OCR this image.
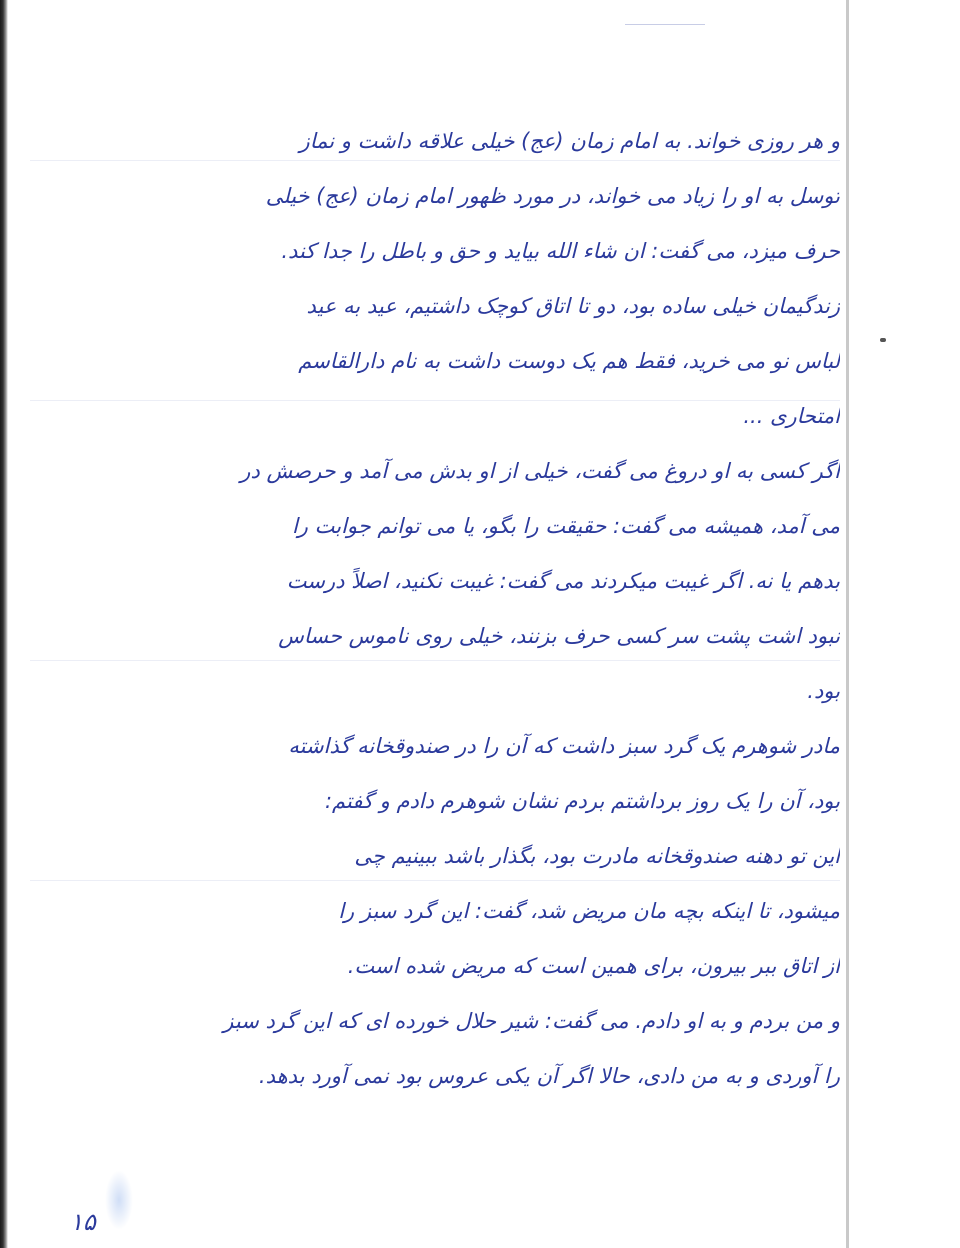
و هر روزی خواند. به امام زمان (عج) خیلی علاقه داشت و نماز
توسل به او را زیاد می خواند، در مورد ظهور امام زمان (عج) خیلی
حرف میزد، می گفت: ان شاء الله بیاید و حق و باطل را جدا کند.
زندگیمان خیلی ساده بود، دو تا اتاق کوچک داشتیم، عید به عید
لباس نو می خرید، فقط هم یک دوست داشت به نام دارالقاسم
امتحاری ...
اگر کسی به او دروغ می گفت، خیلی از او بدش می آمد و حرصش در
می آمد، همیشه می گفت: حقیقت را بگو، یا می توانم جوابت را
بدهم یا نه. اگر غیبت میکردند می گفت: غیبت نکنید، اصلاً درست
نبود اشت پشت سر کسی حرف بزنند، خیلی روی ناموس حساس
بود.
مادر شوهرم یک گرد سبز داشت که آن را در صندوقخانه گذاشته
بود، آن را یک روز برداشتم بردم نشان شوهرم دادم و گفتم:
این تو دهنه صندوقخانه مادرت بود، بگذار باشد ببینیم چی
میشود، تا اینکه بچه مان مریض شد، گفت: این گرد سبز را
از اتاق ببر بیرون، برای همین است که مریض شده است.
و من بردم و به او دادم. می گفت: شیر حلال خورده ای که این گرد سبز
را آوردی و به من دادی، حالا اگر آن یکی عروس بود نمی آورد بدهد.
۱۵
